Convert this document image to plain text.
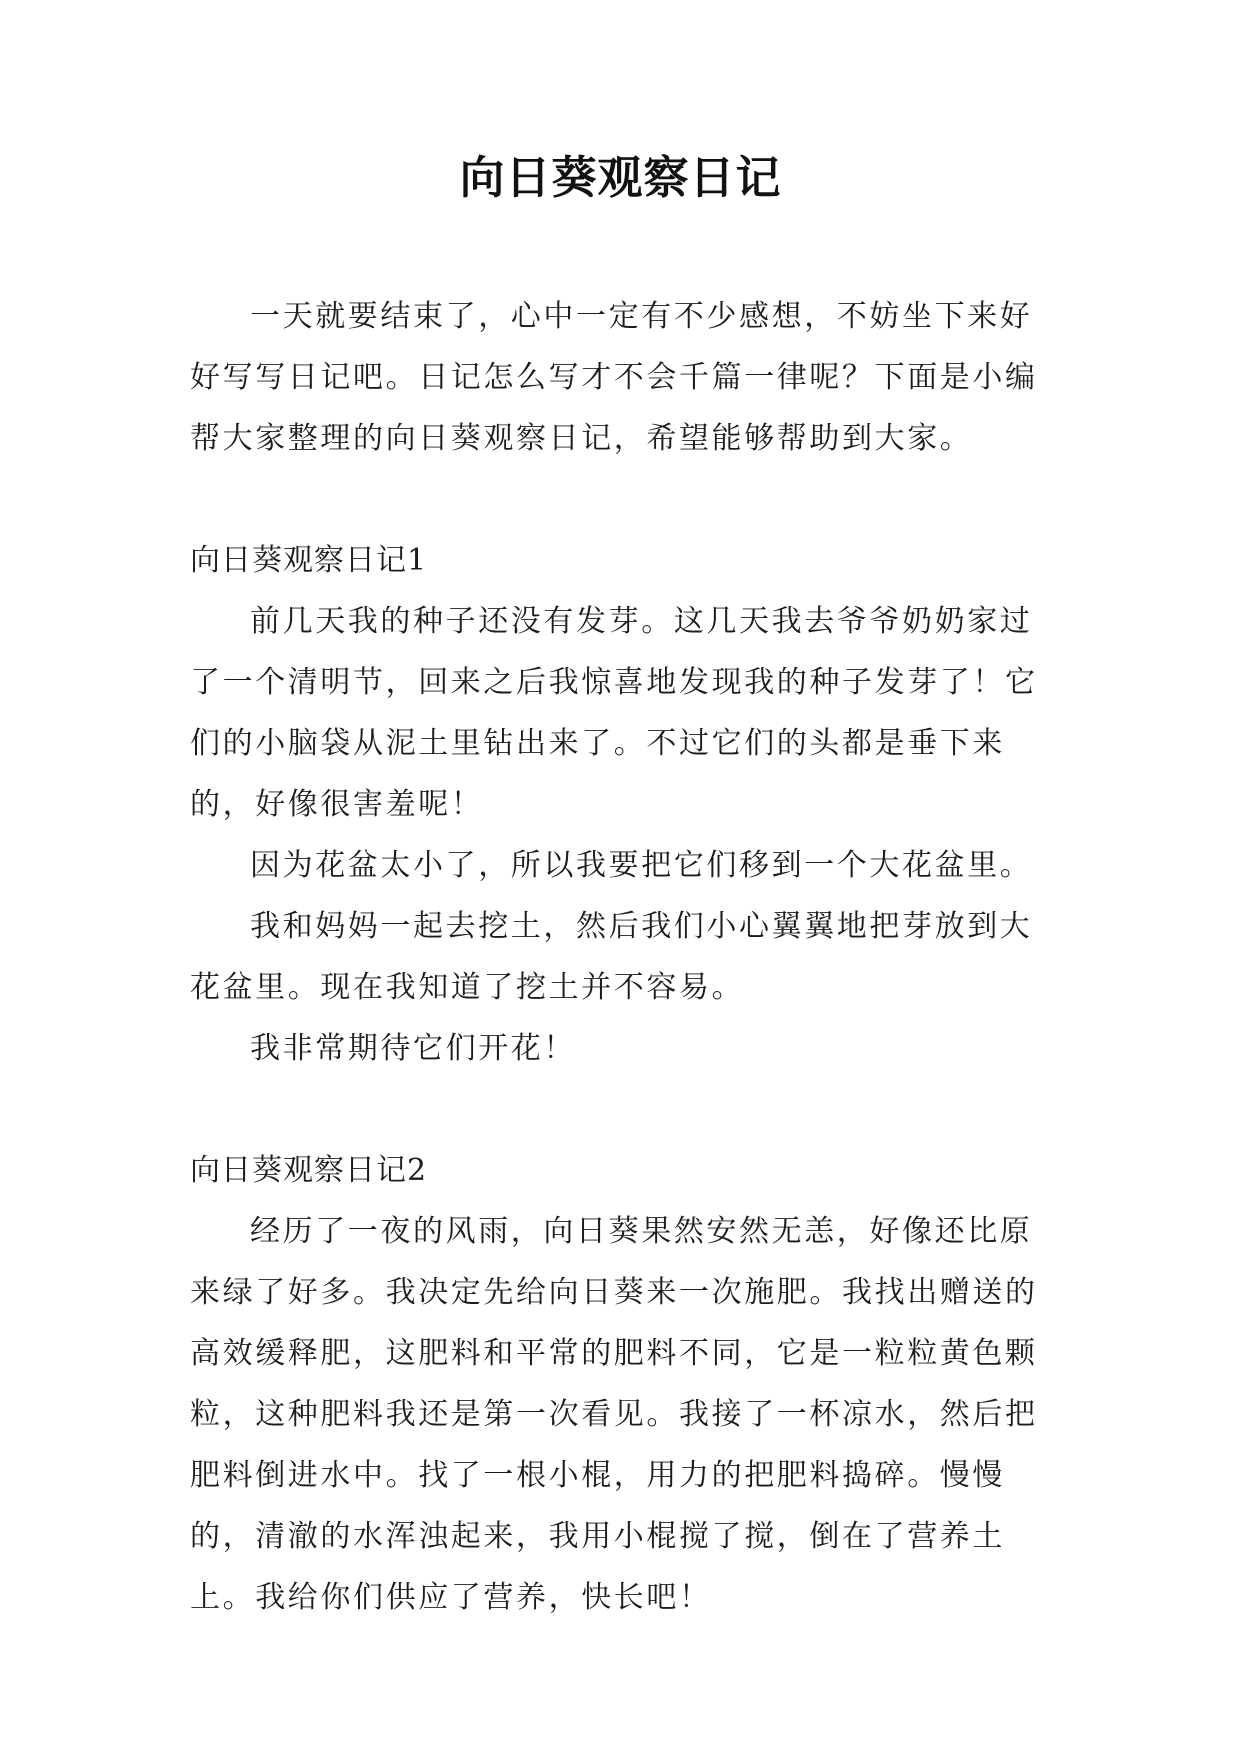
向日葵观察日记

一天就要结束了，心中一定有不少感想，不妨坐下来好好写写日记吧。日记怎么写才不会千篇一律呢？下面是小编帮大家整理的向日葵观察日记，希望能够帮助到大家。

向日葵观察日记1

前几天我的种子还没有发芽。这几天我去爷爷奶奶家过了一个清明节，回来之后我惊喜地发现我的种子发芽了！它们的小脑袋从泥土里钻出来了。不过它们的头都是垂下来的，好像很害羞呢！

因为花盆太小了，所以我要把它们移到一个大花盆里。

我和妈妈一起去挖土，然后我们小心翼翼地把芽放到大花盆里。现在我知道了挖土并不容易。

我非常期待它们开花！

向日葵观察日记2

经历了一夜的风雨，向日葵果然安然无恙，好像还比原来绿了好多。我决定先给向日葵来一次施肥。我找出赠送的高效缓释肥，这肥料和平常的肥料不同，它是一粒粒黄色颗粒，这种肥料我还是第一次看见。我接了一杯凉水，然后把肥料倒进水中。找了一根小棍，用力的把肥料捣碎。慢慢的，清澈的水浑浊起来，我用小棍搅了搅，倒在了营养土上。我给你们供应了营养，快长吧！
